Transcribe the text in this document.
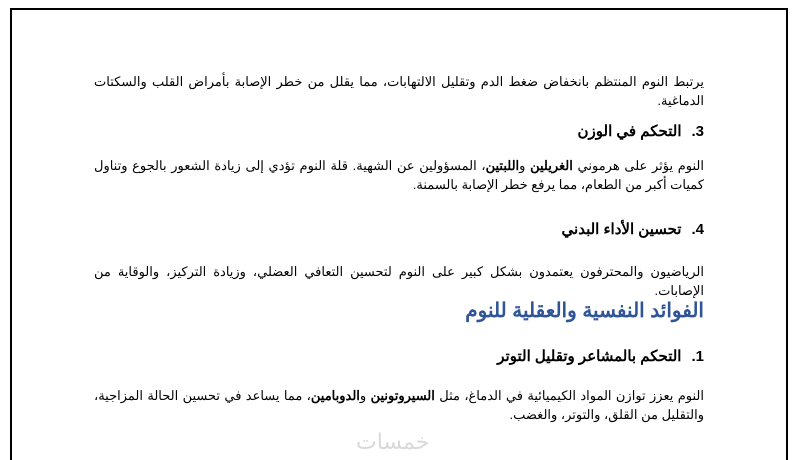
يرتبط النوم المنتظم بانخفاض ضغط الدم وتقليل الالتهابات، مما يقلل من خطر الإصابة بأمراض القلب والسكتات الدماغية.

3.التحكم في الوزن

النوم يؤثر على هرموني الغريلين واللبتين، المسؤولين عن الشهية. قلة النوم تؤدي إلى زيادة الشعور بالجوع وتناول كميات أكبر من الطعام، مما يرفع خطر الإصابة بالسمنة.

4.تحسين الأداء البدني

الرياضيون والمحترفون يعتمدون بشكل كبير على النوم لتحسين التعافي العضلي، وزيادة التركيز، والوقاية من الإصابات.

الفوائد النفسية والعقلية للنوم
1.التحكم بالمشاعر وتقليل التوتر

النوم يعزز توازن المواد الكيميائية في الدماغ، مثل السيروتونين والدوبامين، مما يساعد في تحسين الحالة المزاجية، والتقليل من القلق، والتوتر، والغضب.

خمسات
